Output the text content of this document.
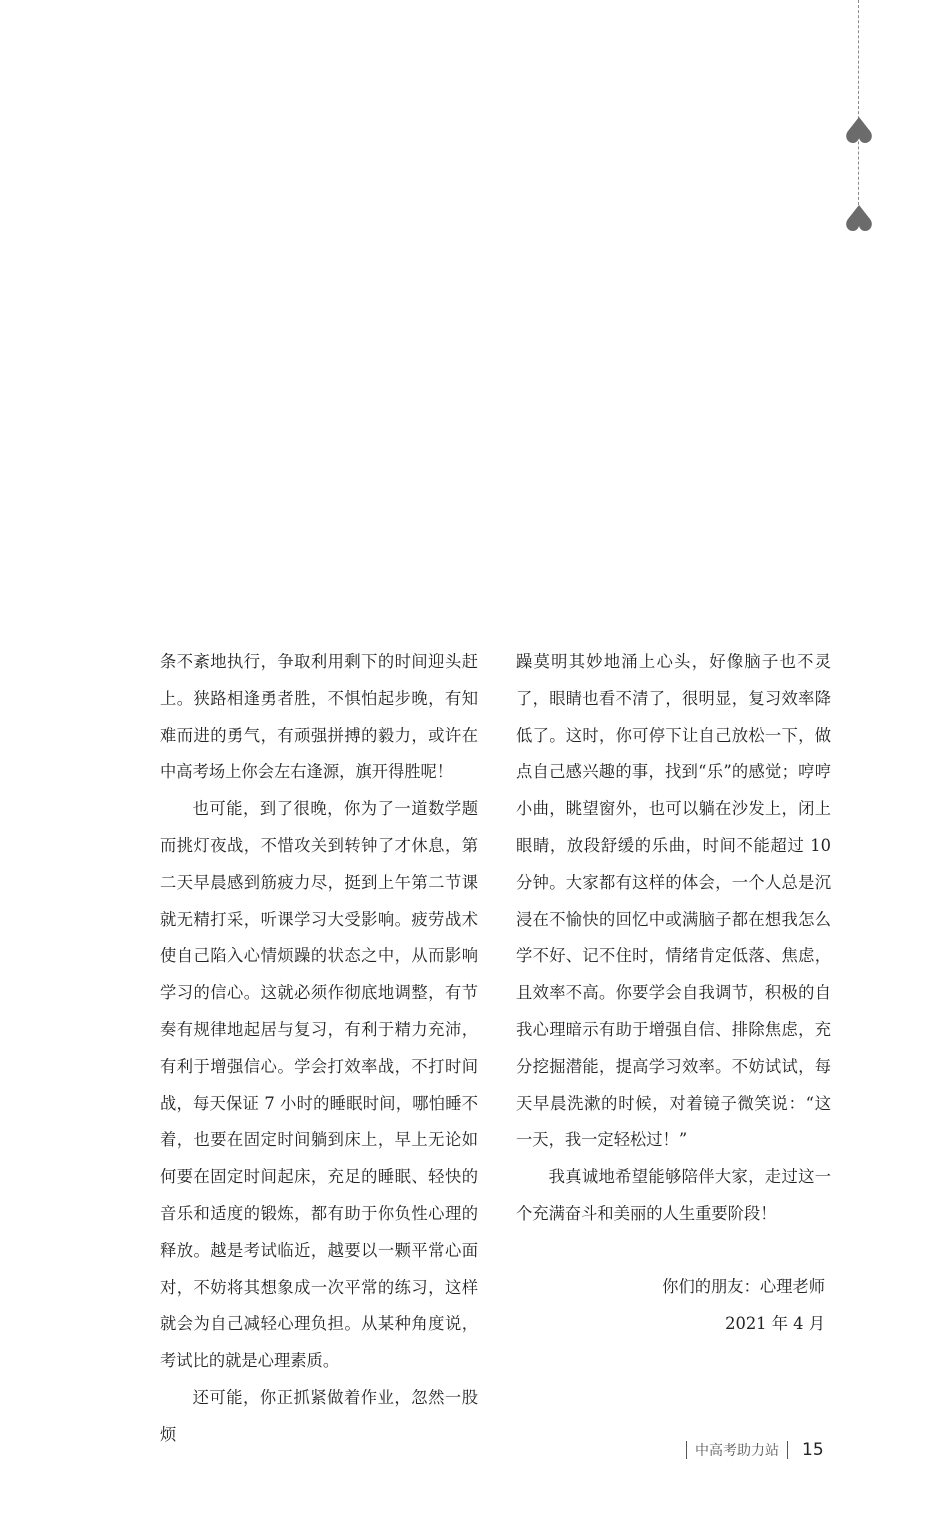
条不紊地执行，争取利用剩下的时间迎头赶上。狭路相逢勇者胜，不惧怕起步晚，有知难而进的勇气，有顽强拼搏的毅力，或许在中高考场上你会左右逢源，旗开得胜呢！

也可能，到了很晚，你为了一道数学题而挑灯夜战，不惜攻关到转钟了才休息，第二天早晨感到筋疲力尽，挺到上午第二节课就无精打采，听课学习大受影响。疲劳战术使自己陷入心情烦躁的状态之中，从而影响学习的信心。这就必须作彻底地调整，有节奏有规律地起居与复习，有利于精力充沛，有利于增强信心。学会打效率战，不打时间战，每天保证 7 小时的睡眠时间，哪怕睡不着，也要在固定时间躺到床上，早上无论如何要在固定时间起床，充足的睡眠、轻快的音乐和适度的锻炼，都有助于你负性心理的释放。越是考试临近，越要以一颗平常心面对，不妨将其想象成一次平常的练习，这样就会为自己减轻心理负担。从某种角度说，考试比的就是心理素质。

还可能，你正抓紧做着作业，忽然一股烦

躁莫明其妙地涌上心头，好像脑子也不灵了，眼睛也看不清了，很明显，复习效率降低了。这时，你可停下让自己放松一下，做点自己感兴趣的事，找到“乐”的感觉；哼哼小曲，眺望窗外，也可以躺在沙发上，闭上眼睛，放段舒缓的乐曲，时间不能超过 10 分钟。大家都有这样的体会，一个人总是沉浸在不愉快的回忆中或满脑子都在想我怎么学不好、记不住时，情绪肯定低落、焦虑，且效率不高。你要学会自我调节，积极的自我心理暗示有助于增强自信、排除焦虑，充分挖掘潜能，提高学习效率。不妨试试，每天早晨洗漱的时候，对着镜子微笑说：“这一天，我一定轻松过！”

我真诚地希望能够陪伴大家，走过这一个充满奋斗和美丽的人生重要阶段！

你们的朋友：心理老师
2021 年 4 月
中高考助力站 15
